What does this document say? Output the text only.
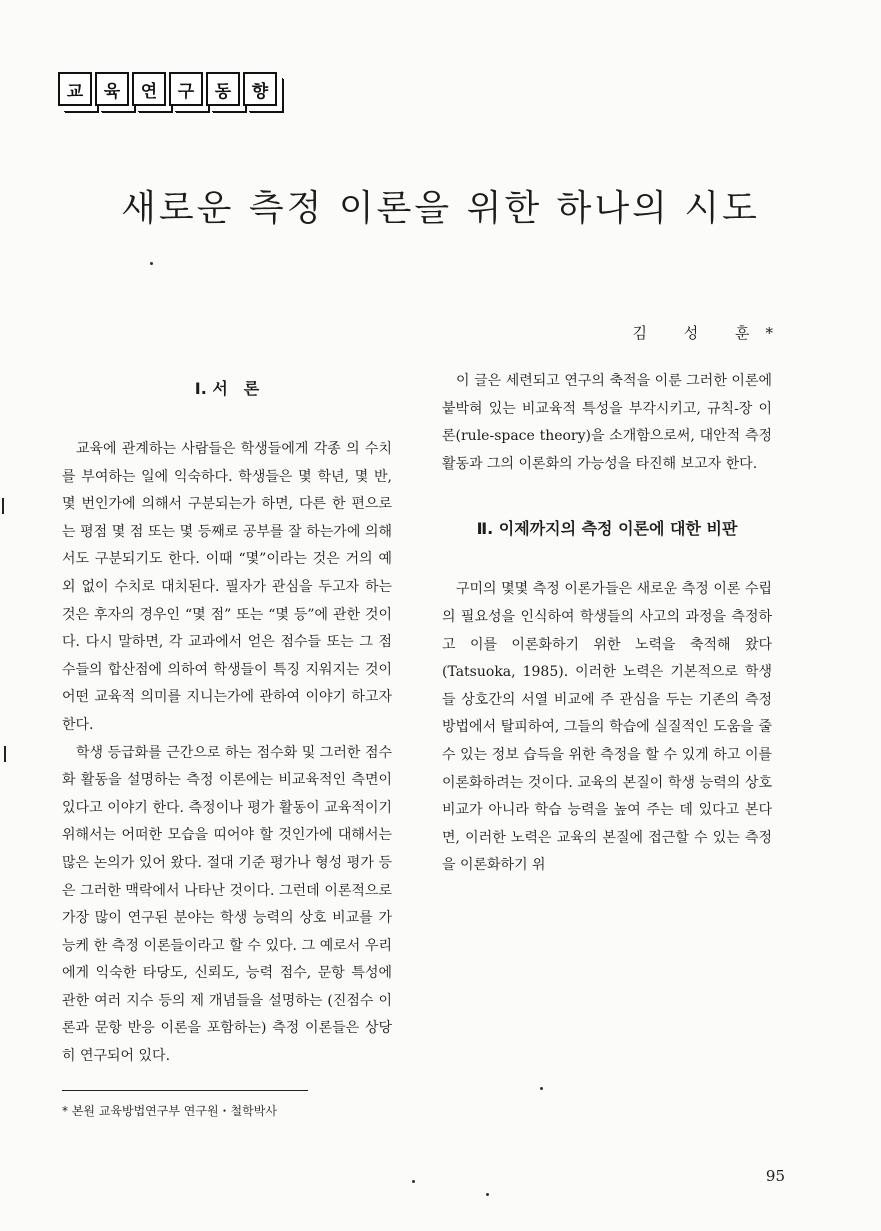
교	육	연	구	동	향
새로운 측정 이론을 위한 하나의 시도
김 성 훈*
Ⅰ. 서　론

교육에 관계하는 사람들은 학생들에게 각종 의 수치를 부여하는 일에 익숙하다. 학생들은 몇 학년, 몇 반, 몇 번인가에 의해서 구분되는가 하면, 다른 한 편으로는 평점 몇 점 또는 몇 등째로 공부를 잘 하는가에 의해서도 구분되기도 한다. 이때 “몇”이라는 것은 거의 예외 없이 수치로 대치된다. 필자가 관심을 두고자 하는 것은 후자의 경우인 “몇 점” 또는 “몇 등”에 관한 것이다. 다시 말하면, 각 교과에서 얻은 점수들 또는 그 점수들의 합산점에 의하여 학생들이 특징 지워지는 것이 어떤 교육적 의미를 지니는가에 관하여 이야기 하고자 한다.

학생 등급화를 근간으로 하는 점수화 및 그러한 점수화 활동을 설명하는 측정 이론에는 비교육적인 측면이 있다고 이야기 한다. 측정이나 평가 활동이 교육적이기 위해서는 어떠한 모습을 띠어야 할 것인가에 대해서는 많은 논의가 있어 왔다. 절대 기준 평가나 형성 평가 등은 그러한 맥락에서 나타난 것이다. 그런데 이론적으로 가장 많이 연구된 분야는 학생 능력의 상호 비교를 가능케 한 측정 이론들이라고 할 수 있다. 그 예로서 우리에게 익숙한 타당도, 신뢰도, 능력 점수, 문항 특성에 관한 여러 지수 등의 제 개념들을 설명하는 (진점수 이론과 문항 반응 이론을 포함하는) 측정 이론들은 상당히 연구되어 있다.

이 글은 세련되고 연구의 축적을 이룬 그러한 이론에 붙박혀 있는 비교육적 특성을 부각시키고, 규칙-장 이론(rule-space theory)을 소개함으로써, 대안적 측정 활동과 그의 이론화의 가능성을 타진해 보고자 한다.

Ⅱ. 이제까지의 측정 이론에 대한 비판

구미의 몇몇 측정 이론가들은 새로운 측정 이론 수립의 필요성을 인식하여 학생들의 사고의 과정을 측정하고 이를 이론화하기 위한 노력을 축적해 왔다(Tatsuoka, 1985). 이러한 노력은 기본적으로 학생들 상호간의 서열 비교에 주 관심을 두는 기존의 측정 방법에서 탈피하여, 그들의 학습에 실질적인 도움을 줄 수 있는 정보 습득을 위한 측정을 할 수 있게 하고 이를 이론화하려는 것이다. 교육의 본질이 학생 능력의 상호 비교가 아니라 학습 능력을 높여 주는 데 있다고 본다면, 이러한 노력은 교육의 본질에 접근할 수 있는 측정을 이론화하기 위

* 본원 교육방법연구부 연구원・철학박사
95
